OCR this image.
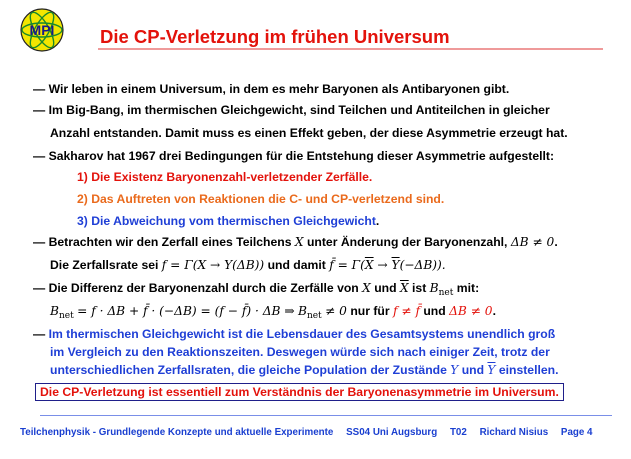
MPI Die CP-Verletzung im frühen Universum
— Wir leben in einem Universum, in dem es mehr Baryonen als Antibaryonen gibt.
— Im Big-Bang, im thermischen Gleichgewicht, sind Teilchen und Antiteilchen in gleicher
Anzahl entstanden. Damit muss es einen Effekt geben, der diese Asymmetrie erzeugt hat.
— Sakharov hat 1967 drei Bedingungen für die Entstehung dieser Asymmetrie aufgestellt:
1) Die Existenz Baryonenzahl-verletzender Zerfälle.
2) Das Auftreten von Reaktionen die C- und CP-verletzend sind.
3) Die Abweichung vom thermischen Gleichgewicht.
— Betrachten wir den Zerfall eines Teilchens X unter Änderung der Baryonenzahl, ΔB ≠ 0.
Die Zerfallsrate sei f = Γ(X → Y(ΔB)) und damit f̄ = $\Gamma(\overline{X} \to \overline{Y}(-\Delta B))$.
— Die Differenz der Baryonenzahl durch die Zerfälle von X und $\overline{X}$ ist $B_{net}$ mit:
$B_{net} = f \cdot \Delta B$ + f̄ · (−ΔB) = (f − f̄) · ΔB ⇒ $B_{net} \ne 0$ nur für f ≠ f̄ und ΔB ≠ 0.
— Im thermischen Gleichgewicht ist die Lebensdauer des Gesamtsystems unendlich groß
im Vergleich zu den Reaktionszeiten. Deswegen würde sich nach einiger Zeit, trotz der
unterschiedlichen Zerfallsraten, die gleiche Population der Zustände Y und $\overline{Y}$ einstellen.
Die CP-Verletzung ist essentiell zum Verständnis der Baryonenasymmetrie im Universum.
Teilchenphysik - Grundlegende Konzepte und aktuelle Experimente SS04 Uni Augsburg T02 Richard Nisius Page 4
